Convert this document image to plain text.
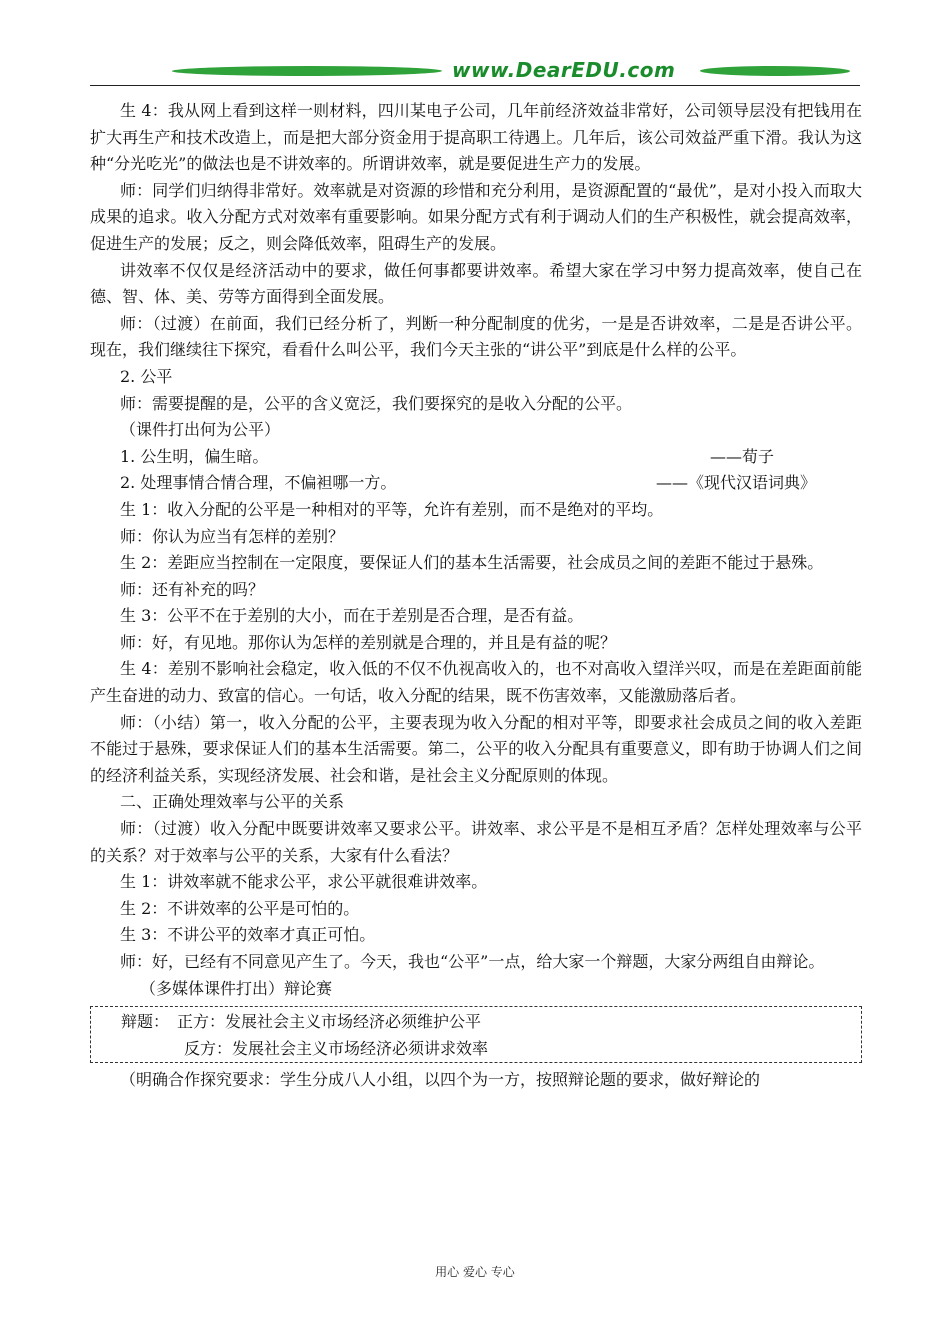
www.DearEDU.com

生 4：我从网上看到这样一则材料，四川某电子公司，几年前经济效益非常好，公司领导层没有把钱用在扩大再生产和技术改造上，而是把大部分资金用于提高职工待遇上。几年后，该公司效益严重下滑。我认为这种“分光吃光”的做法也是不讲效率的。所谓讲效率，就是要促进生产力的发展。

师：同学们归纳得非常好。效率就是对资源的珍惜和充分利用，是资源配置的“最优”，是对小投入而取大成果的追求。收入分配方式对效率有重要影响。如果分配方式有利于调动人们的生产积极性，就会提高效率，促进生产的发展；反之，则会降低效率，阻碍生产的发展。

讲效率不仅仅是经济活动中的要求，做任何事都要讲效率。希望大家在学习中努力提高效率，使自己在德、智、体、美、劳等方面得到全面发展。

师：（过渡）在前面，我们已经分析了，判断一种分配制度的优劣，一是是否讲效率，二是是否讲公平。现在，我们继续往下探究，看看什么叫公平，我们今天主张的“讲公平”到底是什么样的公平。

2. 公平

师：需要提醒的是，公平的含义宽泛，我们要探究的是收入分配的公平。

（课件打出何为公平）

1. 公生明，偏生暗。	——荀子
2. 处理事情合情合理，不偏袒哪一方。	——《现代汉语词典》

生 1：收入分配的公平是一种相对的平等，允许有差别，而不是绝对的平均。

师：你认为应当有怎样的差别？

生 2：差距应当控制在一定限度，要保证人们的基本生活需要，社会成员之间的差距不能过于悬殊。

师：还有补充的吗？

生 3：公平不在于差别的大小，而在于差别是否合理，是否有益。

师：好，有见地。那你认为怎样的差别就是合理的，并且是有益的呢？

生 4：差别不影响社会稳定，收入低的不仅不仇视高收入的，也不对高收入望洋兴叹，而是在差距面前能产生奋进的动力、致富的信心。一句话，收入分配的结果，既不伤害效率，又能激励落后者。

师：（小结）第一，收入分配的公平，主要表现为收入分配的相对平等，即要求社会成员之间的收入差距不能过于悬殊，要求保证人们的基本生活需要。第二，公平的收入分配具有重要意义，即有助于协调人们之间的经济利益关系，实现经济发展、社会和谐，是社会主义分配原则的体现。

二、正确处理效率与公平的关系

师：（过渡）收入分配中既要讲效率又要求公平。讲效率、求公平是不是相互矛盾？怎样处理效率与公平的关系？对于效率与公平的关系，大家有什么看法？

生 1：讲效率就不能求公平，求公平就很难讲效率。

生 2：不讲效率的公平是可怕的。

生 3：不讲公平的效率才真正可怕。

师：好，已经有不同意见产生了。今天，我也“公平”一点，给大家一个辩题，大家分两组自由辩论。

（多媒体课件打出）辩论赛

辩题：　正方：发展社会主义市场经济必须维护公平

反方：发展社会主义市场经济必须讲求效率

（明确合作探究要求：学生分成八人小组，以四个为一方，按照辩论题的要求，做好辩论的

用心 爱心 专心
